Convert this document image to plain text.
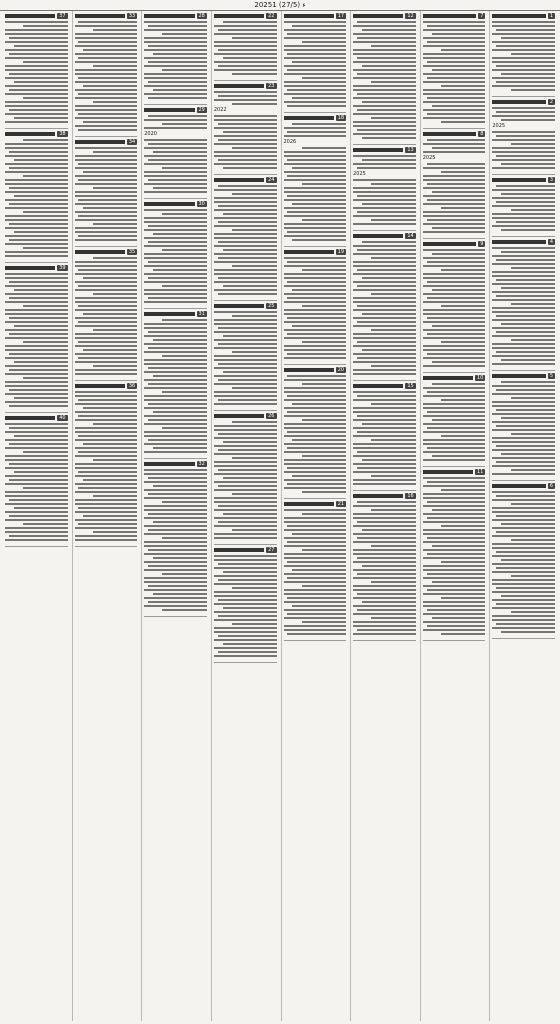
2025ء (27/5) 1
1
2
2025
3
4
5
6
7
8
2025
9
10
11
12
13
2025
14
15
16
17
18
2026
19
20
21
22
23
2022
24
25
26
27
28
29
2020
30
31
32
33
34
35
36
37
38
39
40
